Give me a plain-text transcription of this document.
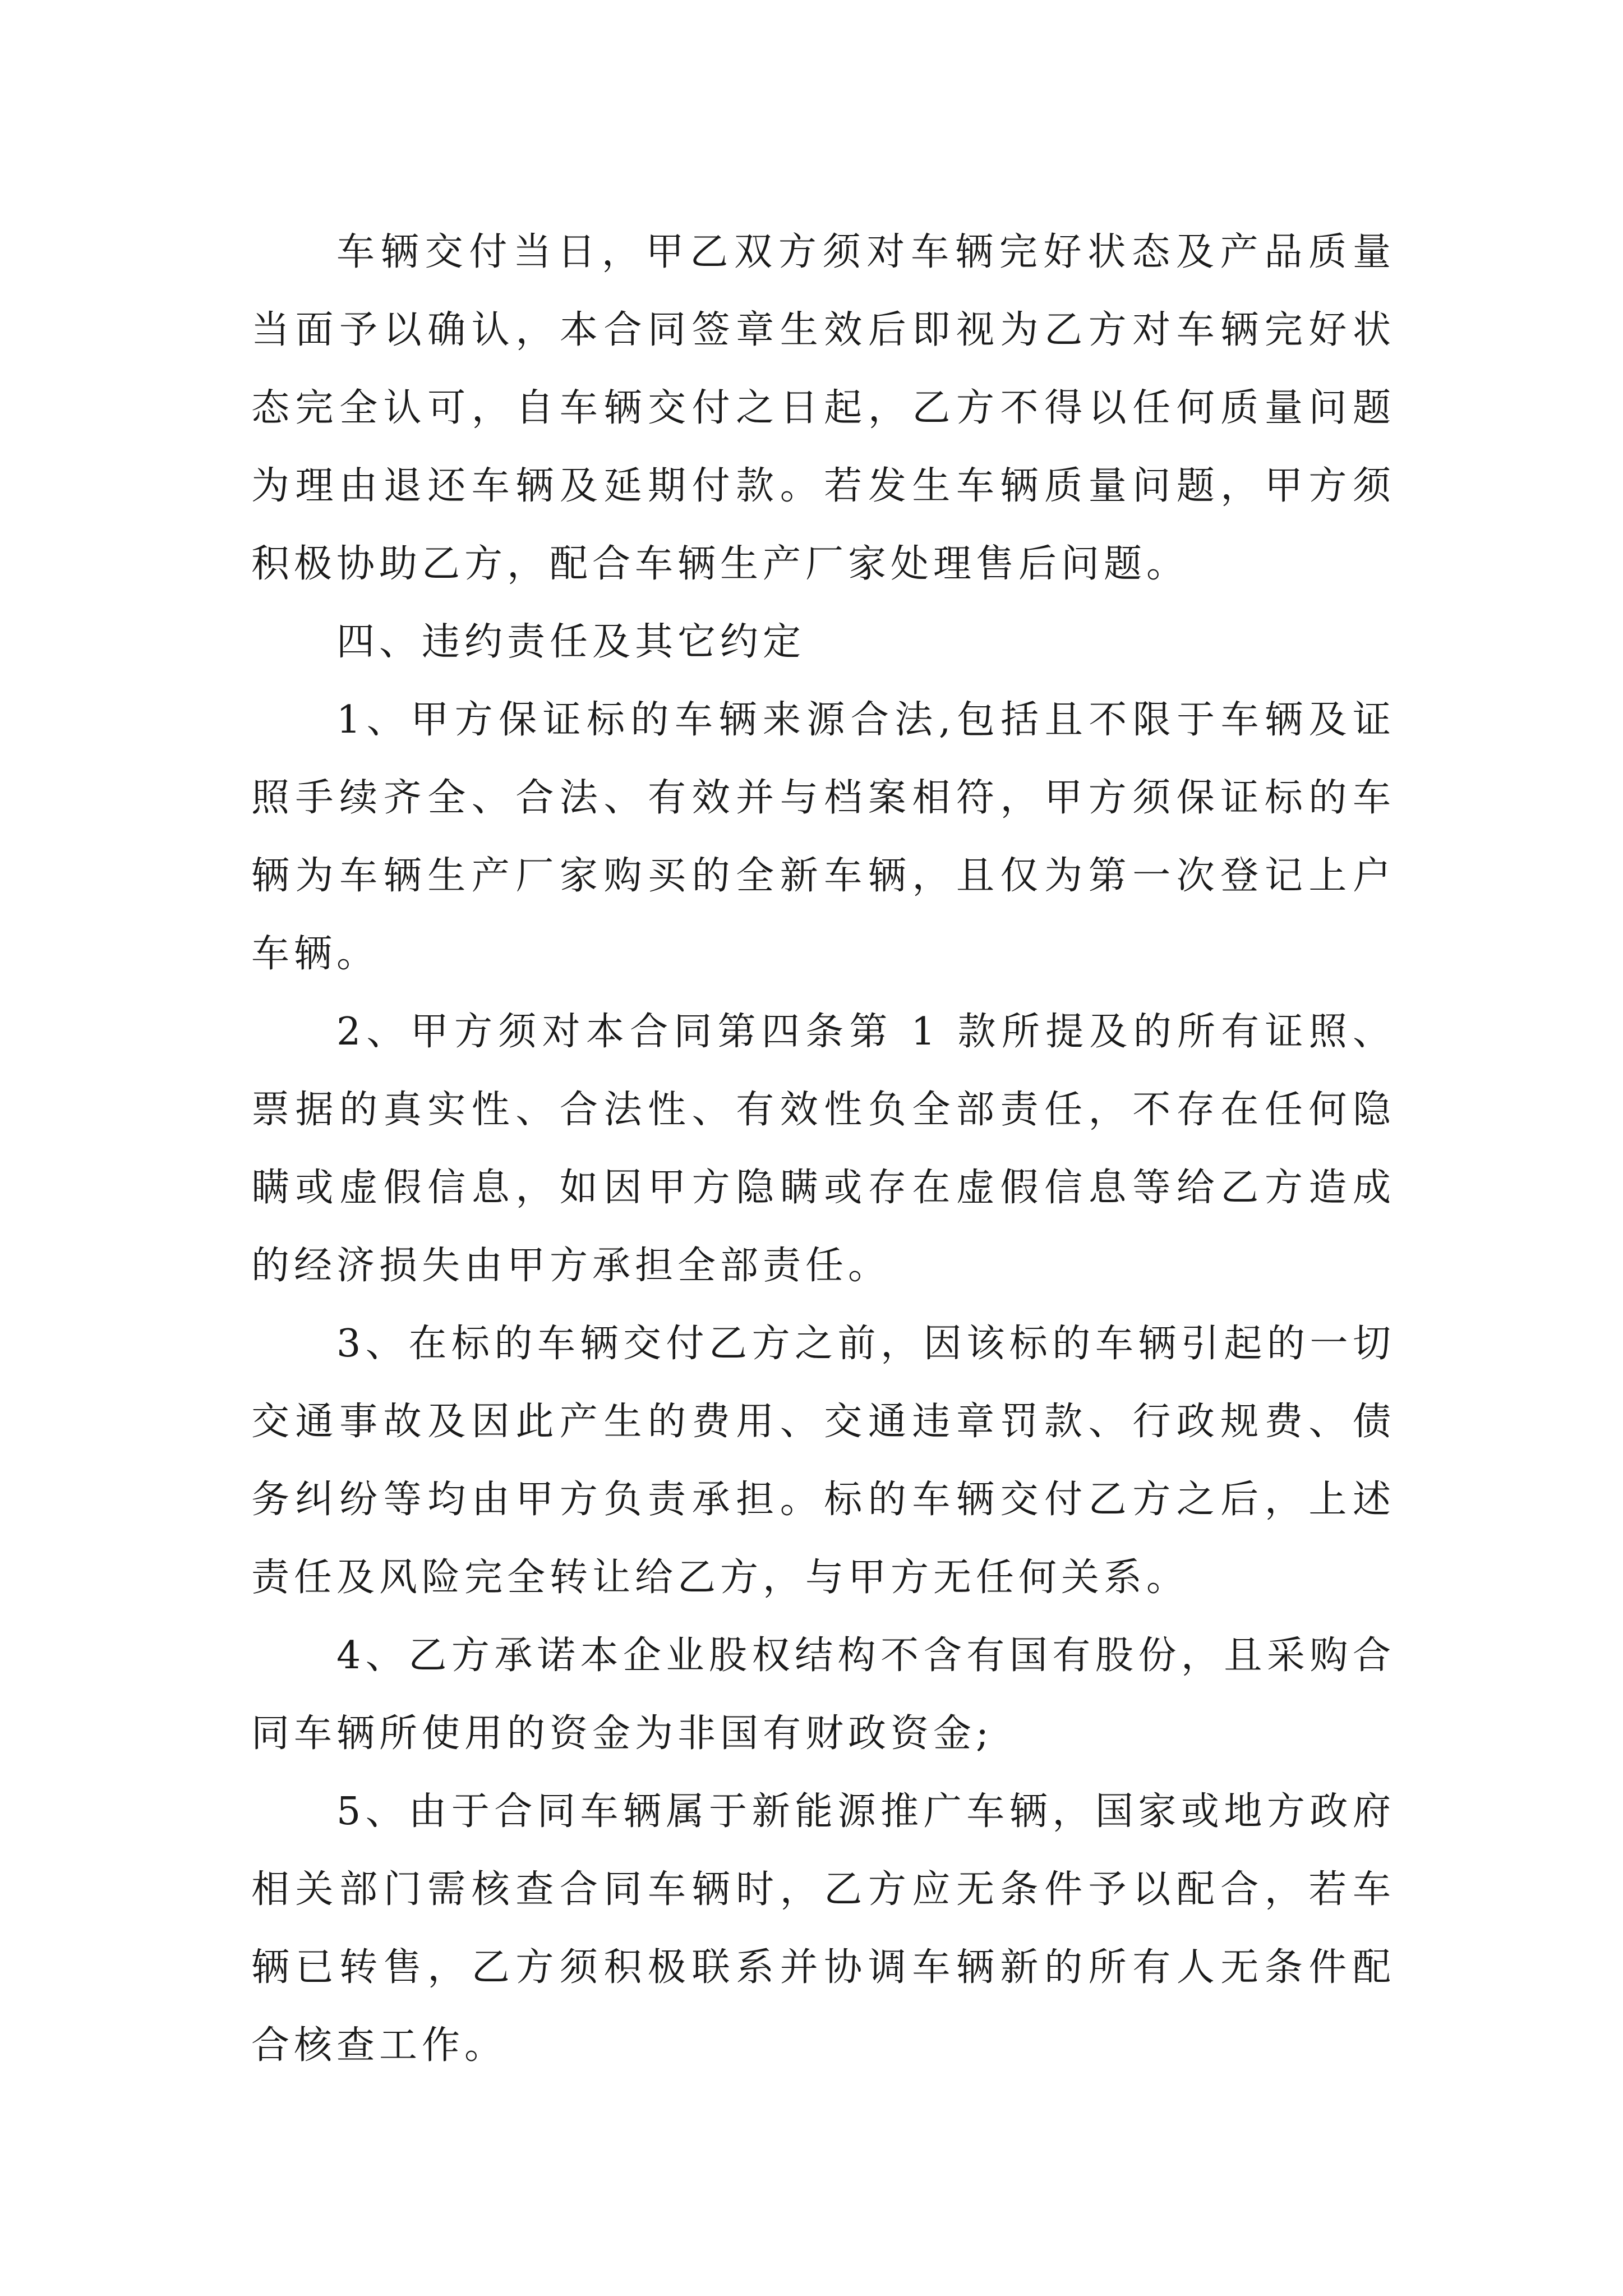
车辆交付当日，甲乙双方须对车辆完好状态及产品质量当面予以确认，本合同签章生效后即视为乙方对车辆完好状态完全认可，自车辆交付之日起，乙方不得以任何质量问题为理由退还车辆及延期付款。若发生车辆质量问题，甲方须积极协助乙方，配合车辆生产厂家处理售后问题。

四、违约责任及其它约定

1、甲方保证标的车辆来源合法,包括且不限于车辆及证照手续齐全、合法、有效并与档案相符，甲方须保证标的车辆为车辆生产厂家购买的全新车辆，且仅为第一次登记上户车辆。

2、甲方须对本合同第四条第 1 款所提及的所有证照、票据的真实性、合法性、有效性负全部责任，不存在任何隐瞒或虚假信息，如因甲方隐瞒或存在虚假信息等给乙方造成的经济损失由甲方承担全部责任。

3、在标的车辆交付乙方之前，因该标的车辆引起的一切交通事故及因此产生的费用、交通违章罚款、行政规费、债务纠纷等均由甲方负责承担。标的车辆交付乙方之后，上述责任及风险完全转让给乙方，与甲方无任何关系。

4、乙方承诺本企业股权结构不含有国有股份，且采购合同车辆所使用的资金为非国有财政资金;

5、由于合同车辆属于新能源推广车辆，国家或地方政府相关部门需核查合同车辆时，乙方应无条件予以配合，若车辆已转售，乙方须积极联系并协调车辆新的所有人无条件配合核查工作。
